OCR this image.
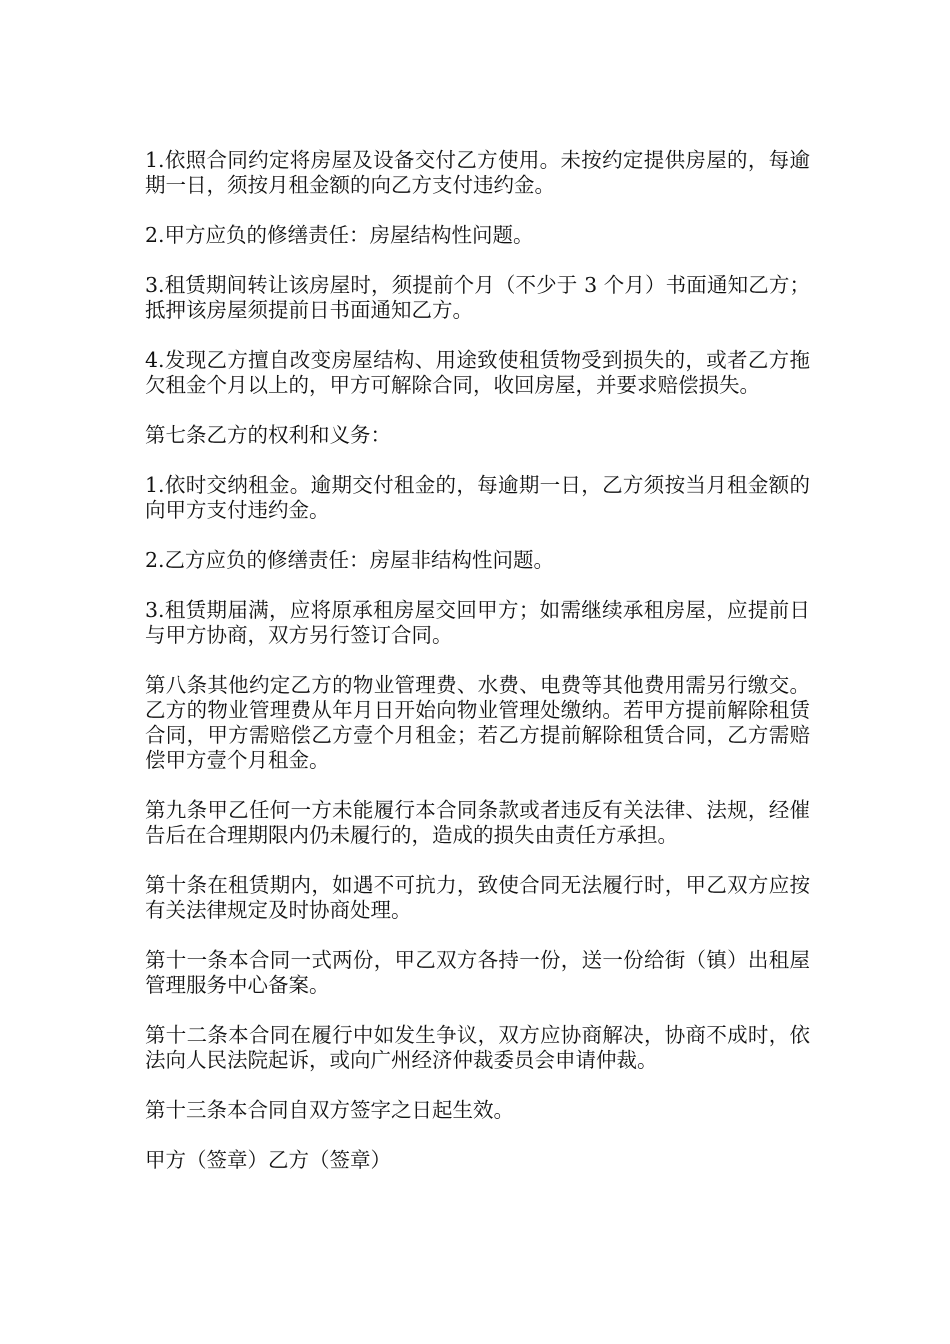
1.依照合同约定将房屋及设备交付乙方使用。未按约定提供房屋的，每逾期一日，须按月租金额的向乙方支付违约金。

2.甲方应负的修缮责任：房屋结构性问题。

3.租赁期间转让该房屋时，须提前个月（不少于 3 个月）书面通知乙方；抵押该房屋须提前日书面通知乙方。

4.发现乙方擅自改变房屋结构、用途致使租赁物受到损失的，或者乙方拖欠租金个月以上的，甲方可解除合同，收回房屋，并要求赔偿损失。

第七条乙方的权利和义务：

1.依时交纳租金。逾期交付租金的，每逾期一日，乙方须按当月租金额的向甲方支付违约金。

2.乙方应负的修缮责任：房屋非结构性问题。

3.租赁期届满，应将原承租房屋交回甲方；如需继续承租房屋，应提前日与甲方协商，双方另行签订合同。

第八条其他约定乙方的物业管理费、水费、电费等其他费用需另行缴交。乙方的物业管理费从年月日开始向物业管理处缴纳。若甲方提前解除租赁合同，甲方需赔偿乙方壹个月租金；若乙方提前解除租赁合同，乙方需赔偿甲方壹个月租金。

第九条甲乙任何一方未能履行本合同条款或者违反有关法律、法规，经催告后在合理期限内仍未履行的，造成的损失由责任方承担。

第十条在租赁期内，如遇不可抗力，致使合同无法履行时，甲乙双方应按有关法律规定及时协商处理。

第十一条本合同一式两份，甲乙双方各持一份，送一份给街（镇）出租屋管理服务中心备案。

第十二条本合同在履行中如发生争议，双方应协商解决，协商不成时，依法向人民法院起诉，或向广州经济仲裁委员会申请仲裁。

第十三条本合同自双方签字之日起生效。

甲方（签章）乙方（签章）
